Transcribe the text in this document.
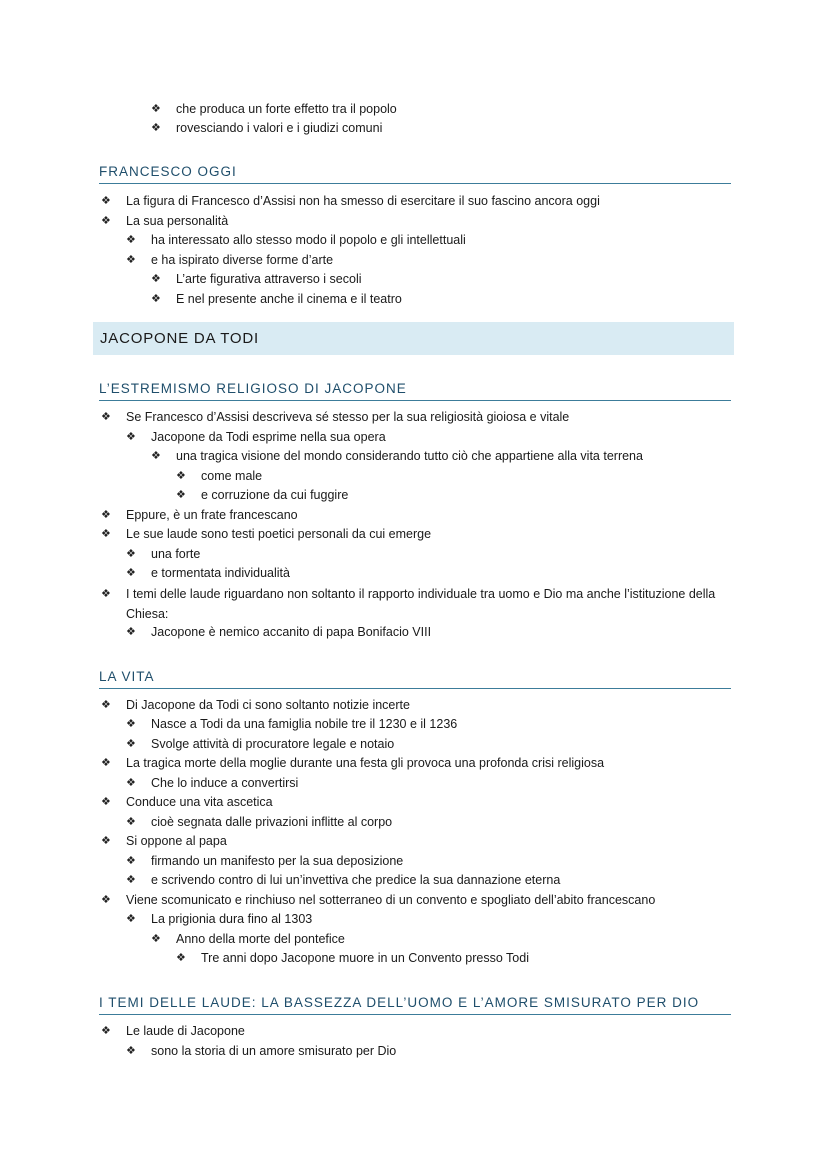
❖	che produca un forte effetto tra il popolo
❖	rovesciando i valori e i giudizi comuni
FRANCESCO OGGI
❖	La figura di Francesco d’Assisi non ha smesso di esercitare il suo fascino ancora oggi
❖	La sua personalità
❖	ha interessato allo stesso modo il popolo e gli intellettuali
❖	e ha ispirato diverse forme d’arte
❖	L’arte figurativa attraverso i secoli
❖	E nel presente anche il cinema e il teatro
JACOPONE DA TODI
L’ESTREMISMO RELIGIOSO DI JACOPONE
❖	Se Francesco d’Assisi descriveva sé stesso per la sua religiosità gioiosa e vitale
❖	Jacopone da Todi esprime nella sua opera
❖	una tragica visione del mondo considerando tutto ciò che appartiene alla vita terrena
❖	come male
❖	e corruzione da cui fuggire
❖	Eppure, è un frate francescano
❖	Le sue laude sono testi poetici personali da cui emerge
❖	una forte
❖	e tormentata individualità
❖	I temi delle laude riguardano non soltanto il rapporto individuale tra uomo e Dio ma anche l’istituzione della Chiesa:
❖	Jacopone è nemico accanito di papa Bonifacio VIII
LA VITA
❖	Di Jacopone da Todi ci sono soltanto notizie incerte
❖	Nasce a Todi da una famiglia nobile tre il 1230 e il 1236
❖	Svolge attività di procuratore legale e notaio
❖	La tragica morte della moglie durante una festa gli provoca una profonda crisi religiosa
❖	Che lo induce a convertirsi
❖	Conduce una vita ascetica
❖	cioè segnata dalle privazioni inflitte al corpo
❖	Si oppone al papa
❖	firmando un manifesto per la sua deposizione
❖	e scrivendo contro di lui un’invettiva che predice la sua dannazione eterna
❖	Viene scomunicato e rinchiuso nel sotterraneo di un convento e spogliato dell’abito francescano
❖	La prigionia dura fino al 1303
❖	Anno della morte del pontefice
❖	Tre anni dopo Jacopone muore in un Convento presso Todi
I TEMI DELLE LAUDE: LA BASSEZZA DELL’UOMO E L’AMORE SMISURATO PER DIO
❖	Le laude di Jacopone
❖	sono la storia di un amore smisurato per Dio
